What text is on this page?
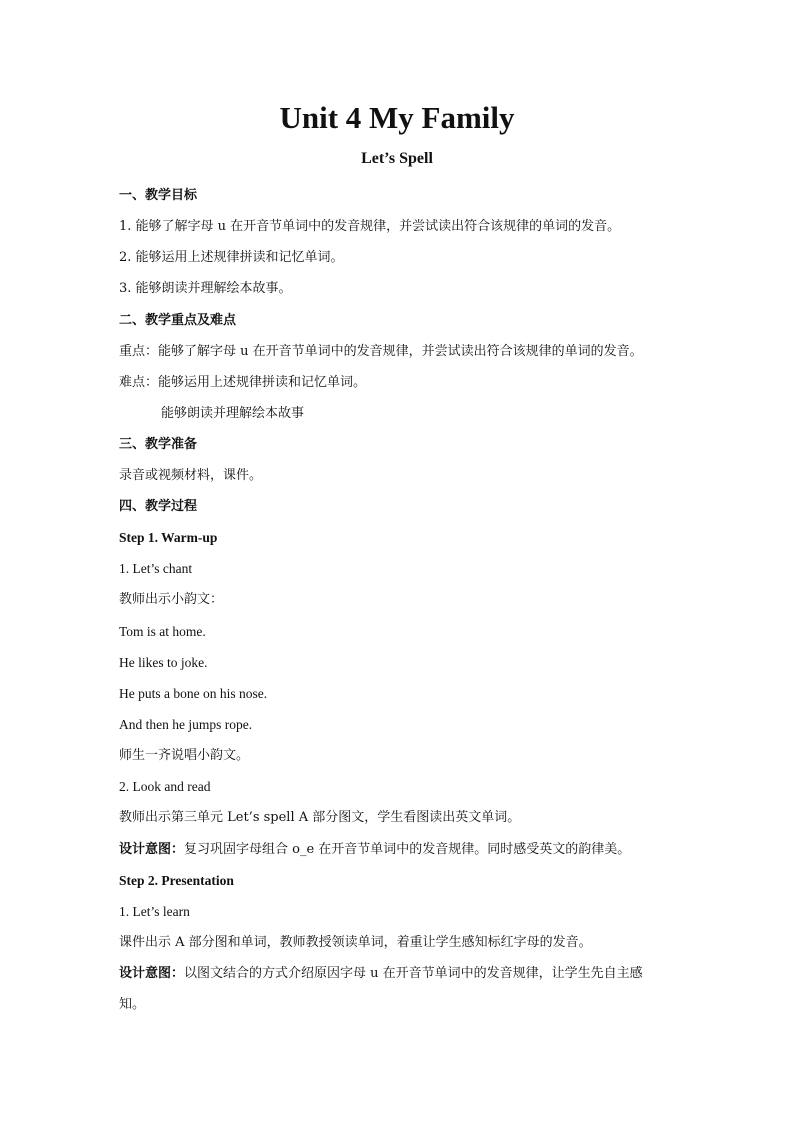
Unit 4 My Family
Let’s Spell
一、教学目标
1. 能够了解字母 u 在开音节单词中的发音规律，并尝试读出符合该规律的单词的发音。
2. 能够运用上述规律拼读和记忆单词。
3. 能够朗读并理解绘本故事。
二、教学重点及难点
重点：能够了解字母 u 在开音节单词中的发音规律，并尝试读出符合该规律的单词的发音。
难点：能够运用上述规律拼读和记忆单词。
能够朗读并理解绘本故事
三、教学准备
录音或视频材料，课件。
四、教学过程
Step 1. Warm-up
1. Let’s chant
教师出示小韵文：
Tom is at home.
He likes to joke.
He puts a bone on his nose.
And then he jumps rope.
师生一齐说唱小韵文。
2. Look and read
教师出示第三单元 Let’s spell A 部分图文，学生看图读出英文单词。
设计意图：复习巩固字母组合 o_e 在开音节单词中的发音规律。同时感受英文的韵律美。
Step 2. Presentation
1. Let’s learn
课件出示 A 部分图和单词，教师教授领读单词，着重让学生感知标红字母的发音。
设计意图：以图文结合的方式介绍原因字母 u 在开音节单词中的发音规律，让学生先自主感
知。
